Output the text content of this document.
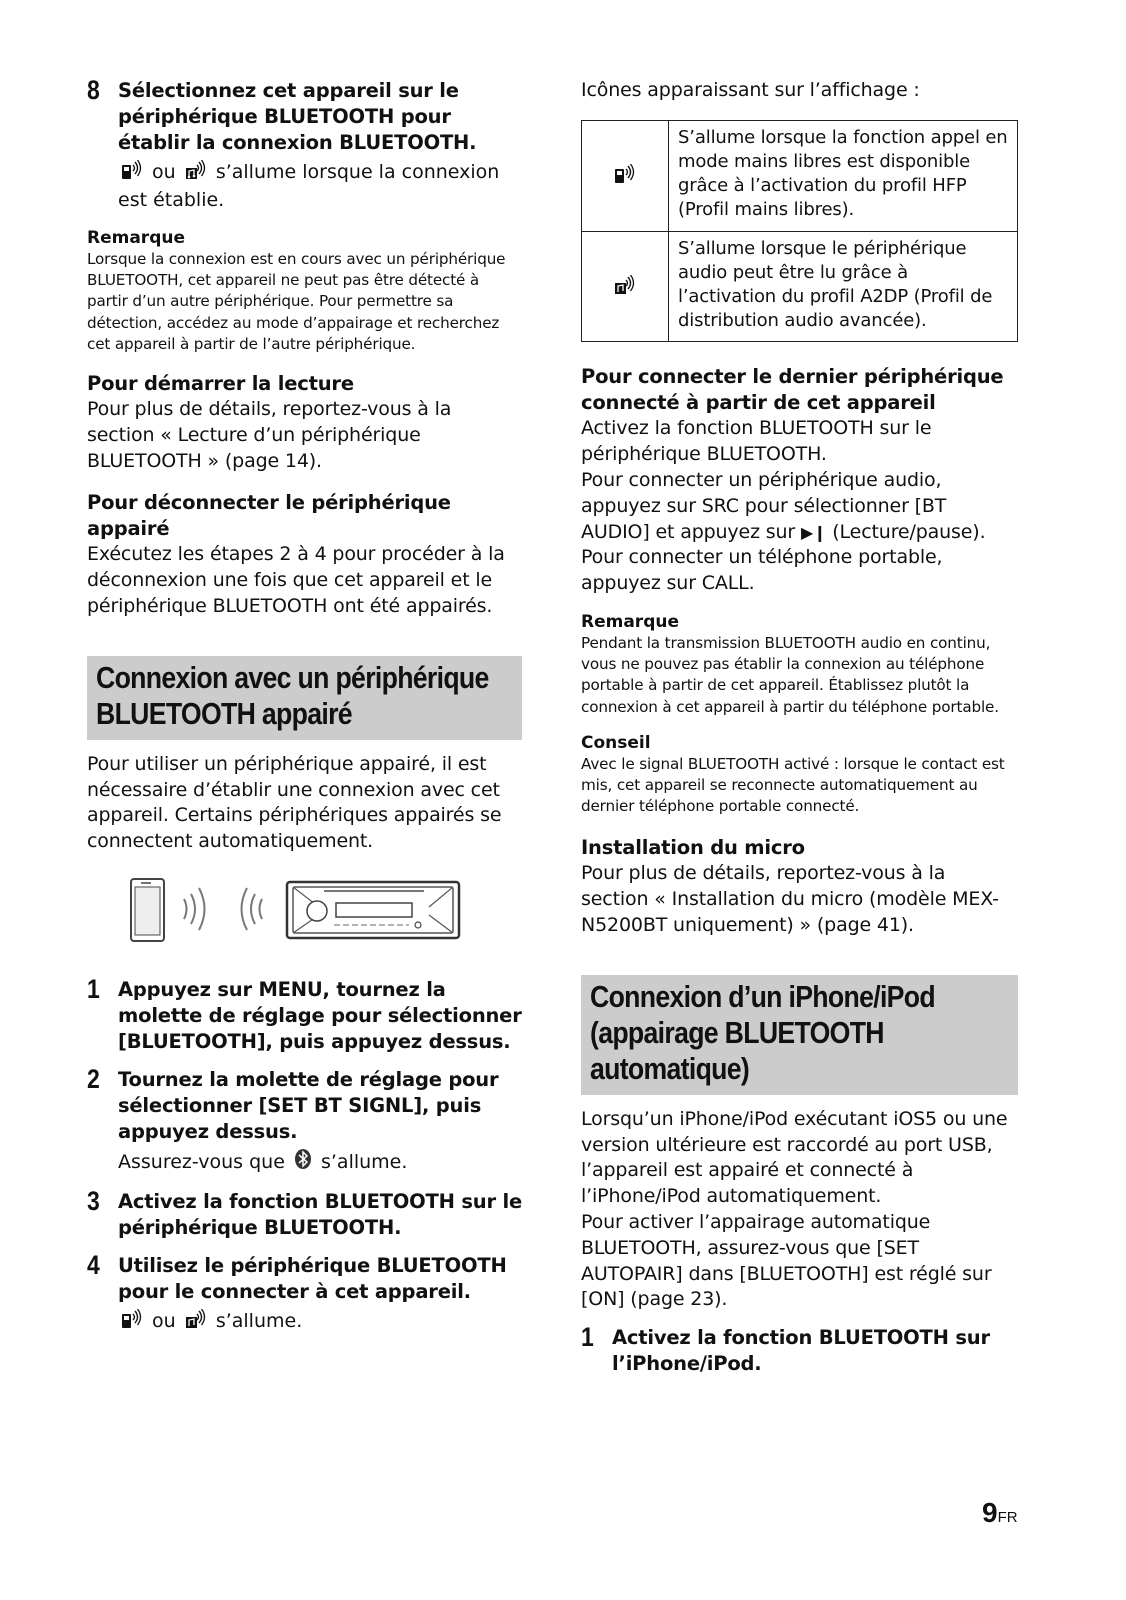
8 Sélectionnez cet appareil sur le périphérique BLUETOOTH pour établir la connexion BLUETOOTH.
ou s’allume lorsque la connexion est établie.
Remarque
Lorsque la connexion est en cours avec un périphérique BLUETOOTH, cet appareil ne peut pas être détecté à partir d’un autre périphérique. Pour permettre sa détection, accédez au mode d’appairage et recherchez cet appareil à partir de l’autre périphérique.
Pour démarrer la lecture
Pour plus de détails, reportez-vous à la section « Lecture d’un périphérique BLUETOOTH » (page 14).
Pour déconnecter le périphérique appairé
Exécutez les étapes 2 à 4 pour procéder à la déconnexion une fois que cet appareil et le périphérique BLUETOOTH ont été appairés.
Connexion avec un périphérique
BLUETOOTH appairé
Pour utiliser un périphérique appairé, il est nécessaire d’établir une connexion avec cet appareil. Certains périphériques appairés se connectent automatiquement.
1 Appuyez sur MENU, tournez la molette de réglage pour sélectionner [BLUETOOTH], puis appuyez dessus.
2 Tournez la molette de réglage pour sélectionner [SET BT SIGNL], puis appuyez dessus.
Assurez-vous que s’allume.
3 Activez la fonction BLUETOOTH sur le périphérique BLUETOOTH.
4 Utilisez le périphérique BLUETOOTH pour le connecter à cet appareil.
ou s’allume.
Icônes apparaissant sur l’affichage :
	S’allume lorsque la fonction appel en mode mains libres est disponible grâce à l’activation du profil HFP (Profil mains libres).
	S’allume lorsque le périphérique audio peut être lu grâce à l’activation du profil A2DP (Profil de distribution audio avancée).
Pour connecter le dernier périphérique connecté à partir de cet appareil
Activez la fonction BLUETOOTH sur le périphérique BLUETOOTH.
Pour connecter un périphérique audio, appuyez sur SRC pour sélectionner [BT AUDIO] et appuyez sur ▶❙ (Lecture/pause).
Pour connecter un téléphone portable, appuyez sur CALL.
Remarque
Pendant la transmission BLUETOOTH audio en continu, vous ne pouvez pas établir la connexion au téléphone portable à partir de cet appareil. Établissez plutôt la connexion à cet appareil à partir du téléphone portable.
Conseil
Avec le signal BLUETOOTH activé : lorsque le contact est mis, cet appareil se reconnecte automatiquement au dernier téléphone portable connecté.
Installation du micro
Pour plus de détails, reportez-vous à la section « Installation du micro (modèle MEX-N5200BT uniquement) » (page 41).
Connexion d’un iPhone/iPod
(appairage BLUETOOTH
automatique)
Lorsqu’un iPhone/iPod exécutant iOS5 ou une version ultérieure est raccordé au port USB, l’appareil est appairé et connecté à l’iPhone/iPod automatiquement.
Pour activer l’appairage automatique BLUETOOTH, assurez-vous que [SET AUTOPAIR] dans [BLUETOOTH] est réglé sur [ON] (page 23).
1 Activez la fonction BLUETOOTH sur l’iPhone/iPod.
9FR
